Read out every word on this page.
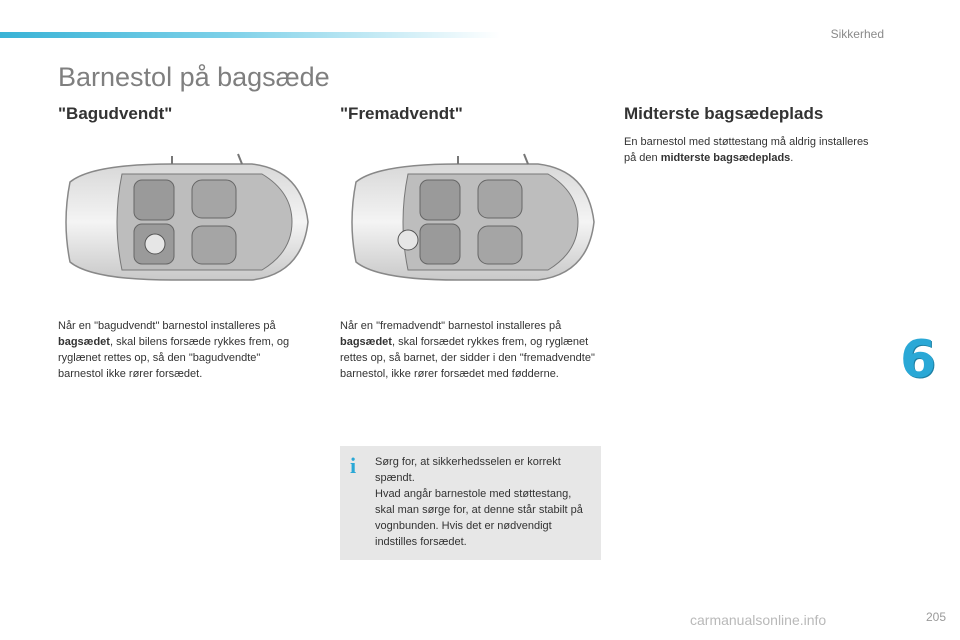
Sikkerhed
Barnestol på bagsæde
"Bagudvendt"	"Fremadvendt"	Midterste bagsædeplads
Når en "bagudvendt" barnestol installeres på bagsædet, skal bilens forsæde rykkes frem, og ryglænet rettes op, så den "bagudvendte" barnestol ikke rører forsædet.
Når en "fremadvendt" barnestol installeres på bagsædet, skal forsædet rykkes frem, og ryglænet rettes op, så barnet, der sidder i den "fremadvendte" barnestol, ikke rører forsædet med fødderne.
En barnestol med støttestang må aldrig installeres på den midterste bagsædeplads.
i	Sørg for, at sikkerhedsselen er korrekt spændt.
Hvad angår barnestole med støttestang, skal man sørge for, at denne står stabilt på vognbunden. Hvis det er nødvendigt indstilles forsædet.
6
carmanualsonline.info	205
